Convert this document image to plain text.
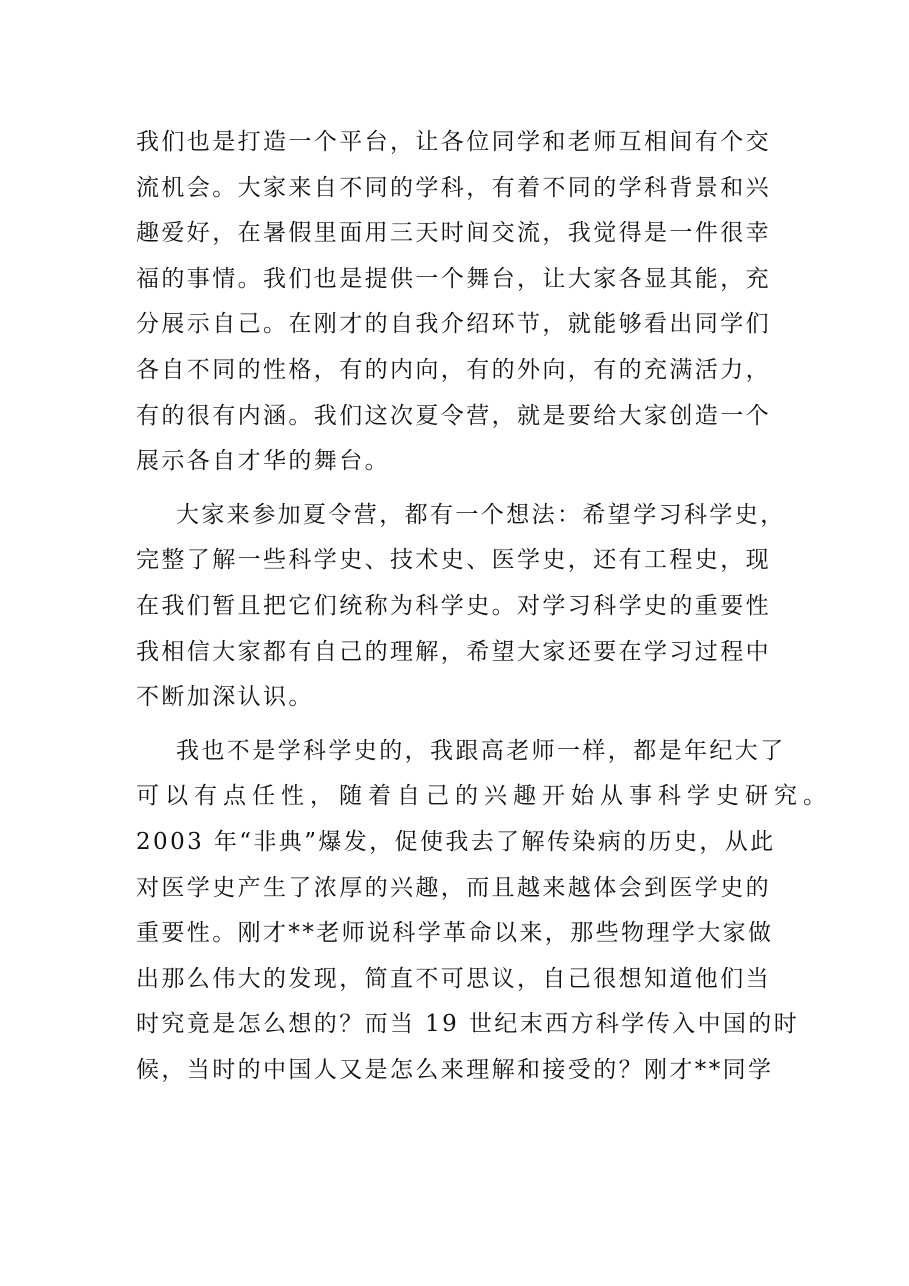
我们也是打造一个平台，让各位同学和老师互相间有个交
流机会。大家来自不同的学科，有着不同的学科背景和兴
趣爱好，在暑假里面用三天时间交流，我觉得是一件很幸
福的事情。我们也是提供一个舞台，让大家各显其能，充
分展示自己。在刚才的自我介绍环节，就能够看出同学们
各自不同的性格，有的内向，有的外向，有的充满活力，
有的很有内涵。我们这次夏令营，就是要给大家创造一个
展示各自才华的舞台。
大家来参加夏令营，都有一个想法：希望学习科学史，
完整了解一些科学史、技术史、医学史，还有工程史，现
在我们暂且把它们统称为科学史。对学习科学史的重要性
我相信大家都有自己的理解，希望大家还要在学习过程中
不断加深认识。
我也不是学科学史的，我跟高老师一样，都是年纪大了
可以有点任性，随着自己的兴趣开始从事科学史研究。
2003 年“非典”爆发，促使我去了解传染病的历史，从此
对医学史产生了浓厚的兴趣，而且越来越体会到医学史的
重要性。刚才**老师说科学革命以来，那些物理学大家做
出那么伟大的发现，简直不可思议，自己很想知道他们当
时究竟是怎么想的？而当 19 世纪末西方科学传入中国的时
候，当时的中国人又是怎么来理解和接受的？刚才**同学
